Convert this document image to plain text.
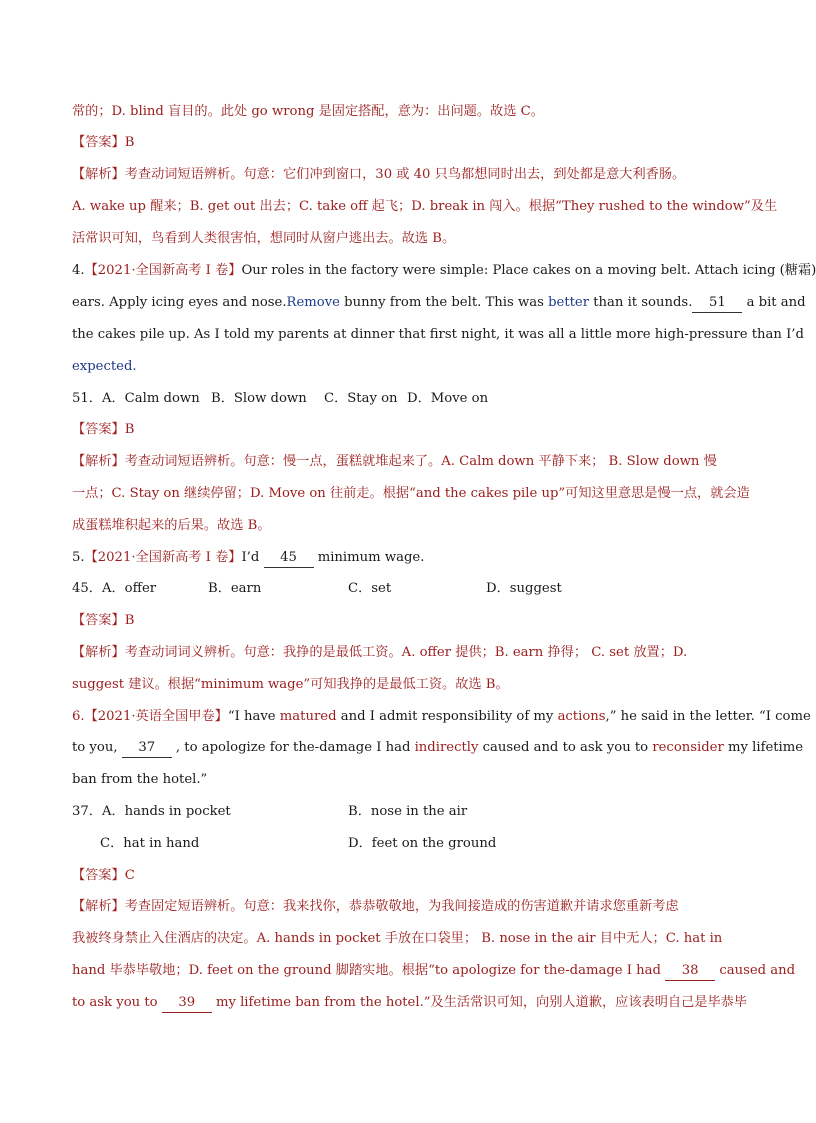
常的；D. blind 盲目的。此处 go wrong 是固定搭配，意为：出问题。故选 C。
【答案】B
【解析】考查动词短语辨析。句意：它们冲到窗口，30 或 40 只鸟都想同时出去，到处都是意大利香肠。
A. wake up 醒来；B. get out 出去；C. take off 起飞；D. break in 闯入。根据“They rushed to the window”及生
活常识可知，鸟看到人类很害怕，想同时从窗户逃出去。故选 B。
4.【2021·全国新高考 I 卷】Our roles in the factory were simple: Place cakes on a moving belt. Attach icing (糖霜)
ears. Apply icing eyes and nose.Remove bunny from the belt. This was better than it sounds. 51 a bit and
the cakes pile up. As I told my parents at dinner that first night, it was all a little more high-pressure than I’d
expected.
51．A．Calm down B．Slow down C．Stay on D．Move on
【答案】B
【解析】考查动词短语辨析。句意：慢一点，蛋糕就堆起来了。A. Calm down 平静下来； B. Slow down 慢
一点；C. Stay on 继续停留；D. Move on 往前走。根据“and the cakes pile up”可知这里意思是慢一点，就会造
成蛋糕堆积起来的后果。故选 B。
5.【2021·全国新高考 I 卷】I’d 45 minimum wage.
45．A．offer	B．earn	C．set	D．suggest
【答案】B
【解析】考查动词词义辨析。句意：我挣的是最低工资。A. offer 提供；B. earn 挣得； C. set 放置；D.
suggest 建议。根据“minimum wage”可知我挣的是最低工资。故选 B。
6.【2021·英语全国甲卷】“I have matured and I admit responsibility of my actions,” he said in the letter. “I come
to you, 37 , to apologize for the-damage I had indirectly caused and to ask you to reconsider my lifetime
ban from the hotel.”
37．A．hands in pocket	B．nose in the air
C．hat in hand	D．feet on the ground
【答案】C
【解析】考查固定短语辨析。句意：我来找你，恭恭敬敬地，为我间接造成的伤害道歉并请求您重新考虑
我被终身禁止入住酒店的决定。A. hands in pocket 手放在口袋里； B. nose in the air 目中无人；C. hat in
hand 毕恭毕敬地；D. feet on the ground 脚踏实地。根据“to apologize for the-damage I had 38 caused and
to ask you to 39 my lifetime ban from the hotel.”及生活常识可知，向别人道歉，应该表明自己是毕恭毕
